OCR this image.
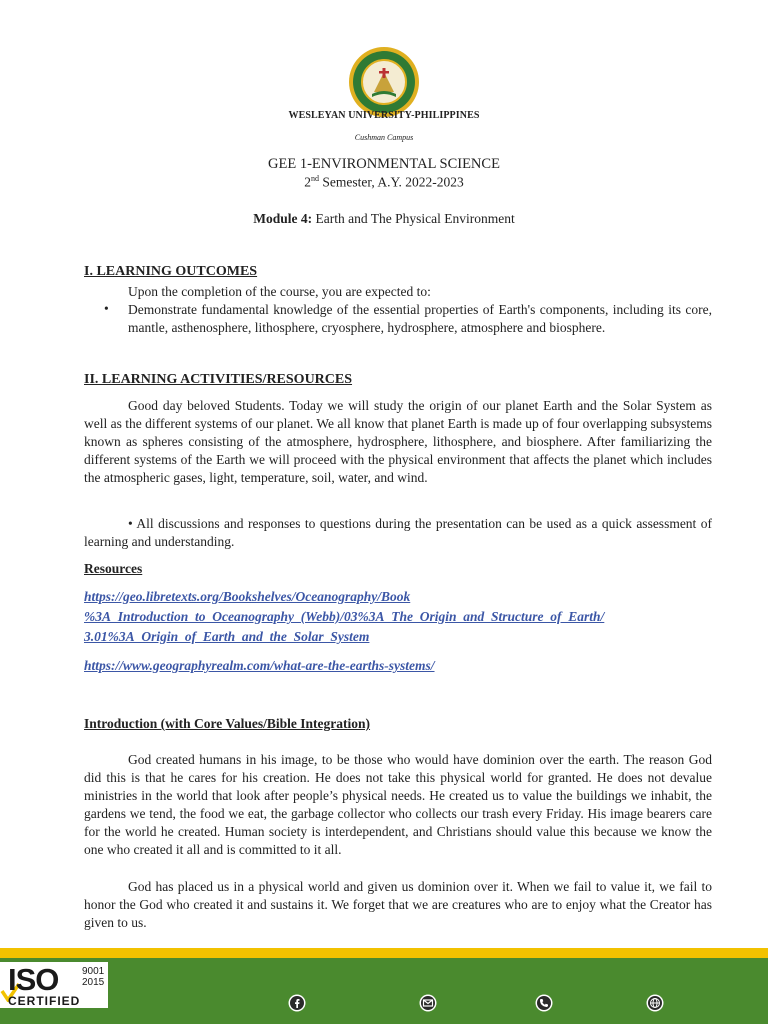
WESLEYAN UNIVERSITY-PHILIPPINES
Cushman Campus
GEE 1-ENVIRONMENTAL SCIENCE
2nd Semester, A.Y. 2022-2023
Module 4: Earth and The Physical Environment
I. LEARNING OUTCOMES
Upon the completion of the course, you are expected to:
• Demonstrate fundamental knowledge of the essential properties of Earth's components, including its core, mantle, asthenosphere, lithosphere, cryosphere, hydrosphere, atmosphere and biosphere.
II. LEARNING ACTIVITIES/RESOURCES
Good day beloved Students. Today we will study the origin of our planet Earth and the Solar System as well as the different systems of our planet. We all know that planet Earth is made up of four overlapping subsystems known as spheres consisting of the atmosphere, hydrosphere, lithosphere, and biosphere. After familiarizing the different systems of the Earth we will proceed with the physical environment that affects the planet which includes the atmospheric gases, light, temperature, soil, water, and wind.
• All discussions and responses to questions during the presentation can be used as a quick assessment of learning and understanding.
Resources
https://geo.libretexts.org/Bookshelves/Oceanography/Book
%3A_Introduction_to_Oceanography_(Webb)/03%3A_The_Origin_and_Structure_of_Earth/
3.01%3A_Origin_of_Earth_and_the_Solar_System
https://www.geographyrealm.com/what-are-the-earths-systems/
Introduction (with Core Values/Bible Integration)
God created humans in his image, to be those who would have dominion over the earth. The reason God did this is that he cares for his creation. He does not take this physical world for granted. He does not devalue ministries in the world that look after people’s physical needs. He created us to value the buildings we inhabit, the gardens we tend, the food we eat, the garbage collector who collects our trash every Friday. His image bearers care for the world he created. Human society is interdependent, and Christians should value this because we know the one who created it all and is committed to it all.
God has placed us in a physical world and given us dominion over it. When we fail to value it, we fail to honor the God who created it and sustains it. We forget that we are creatures who are to enjoy what the Creator has given to us.
ISO 9001
2015
CERTIFIED
